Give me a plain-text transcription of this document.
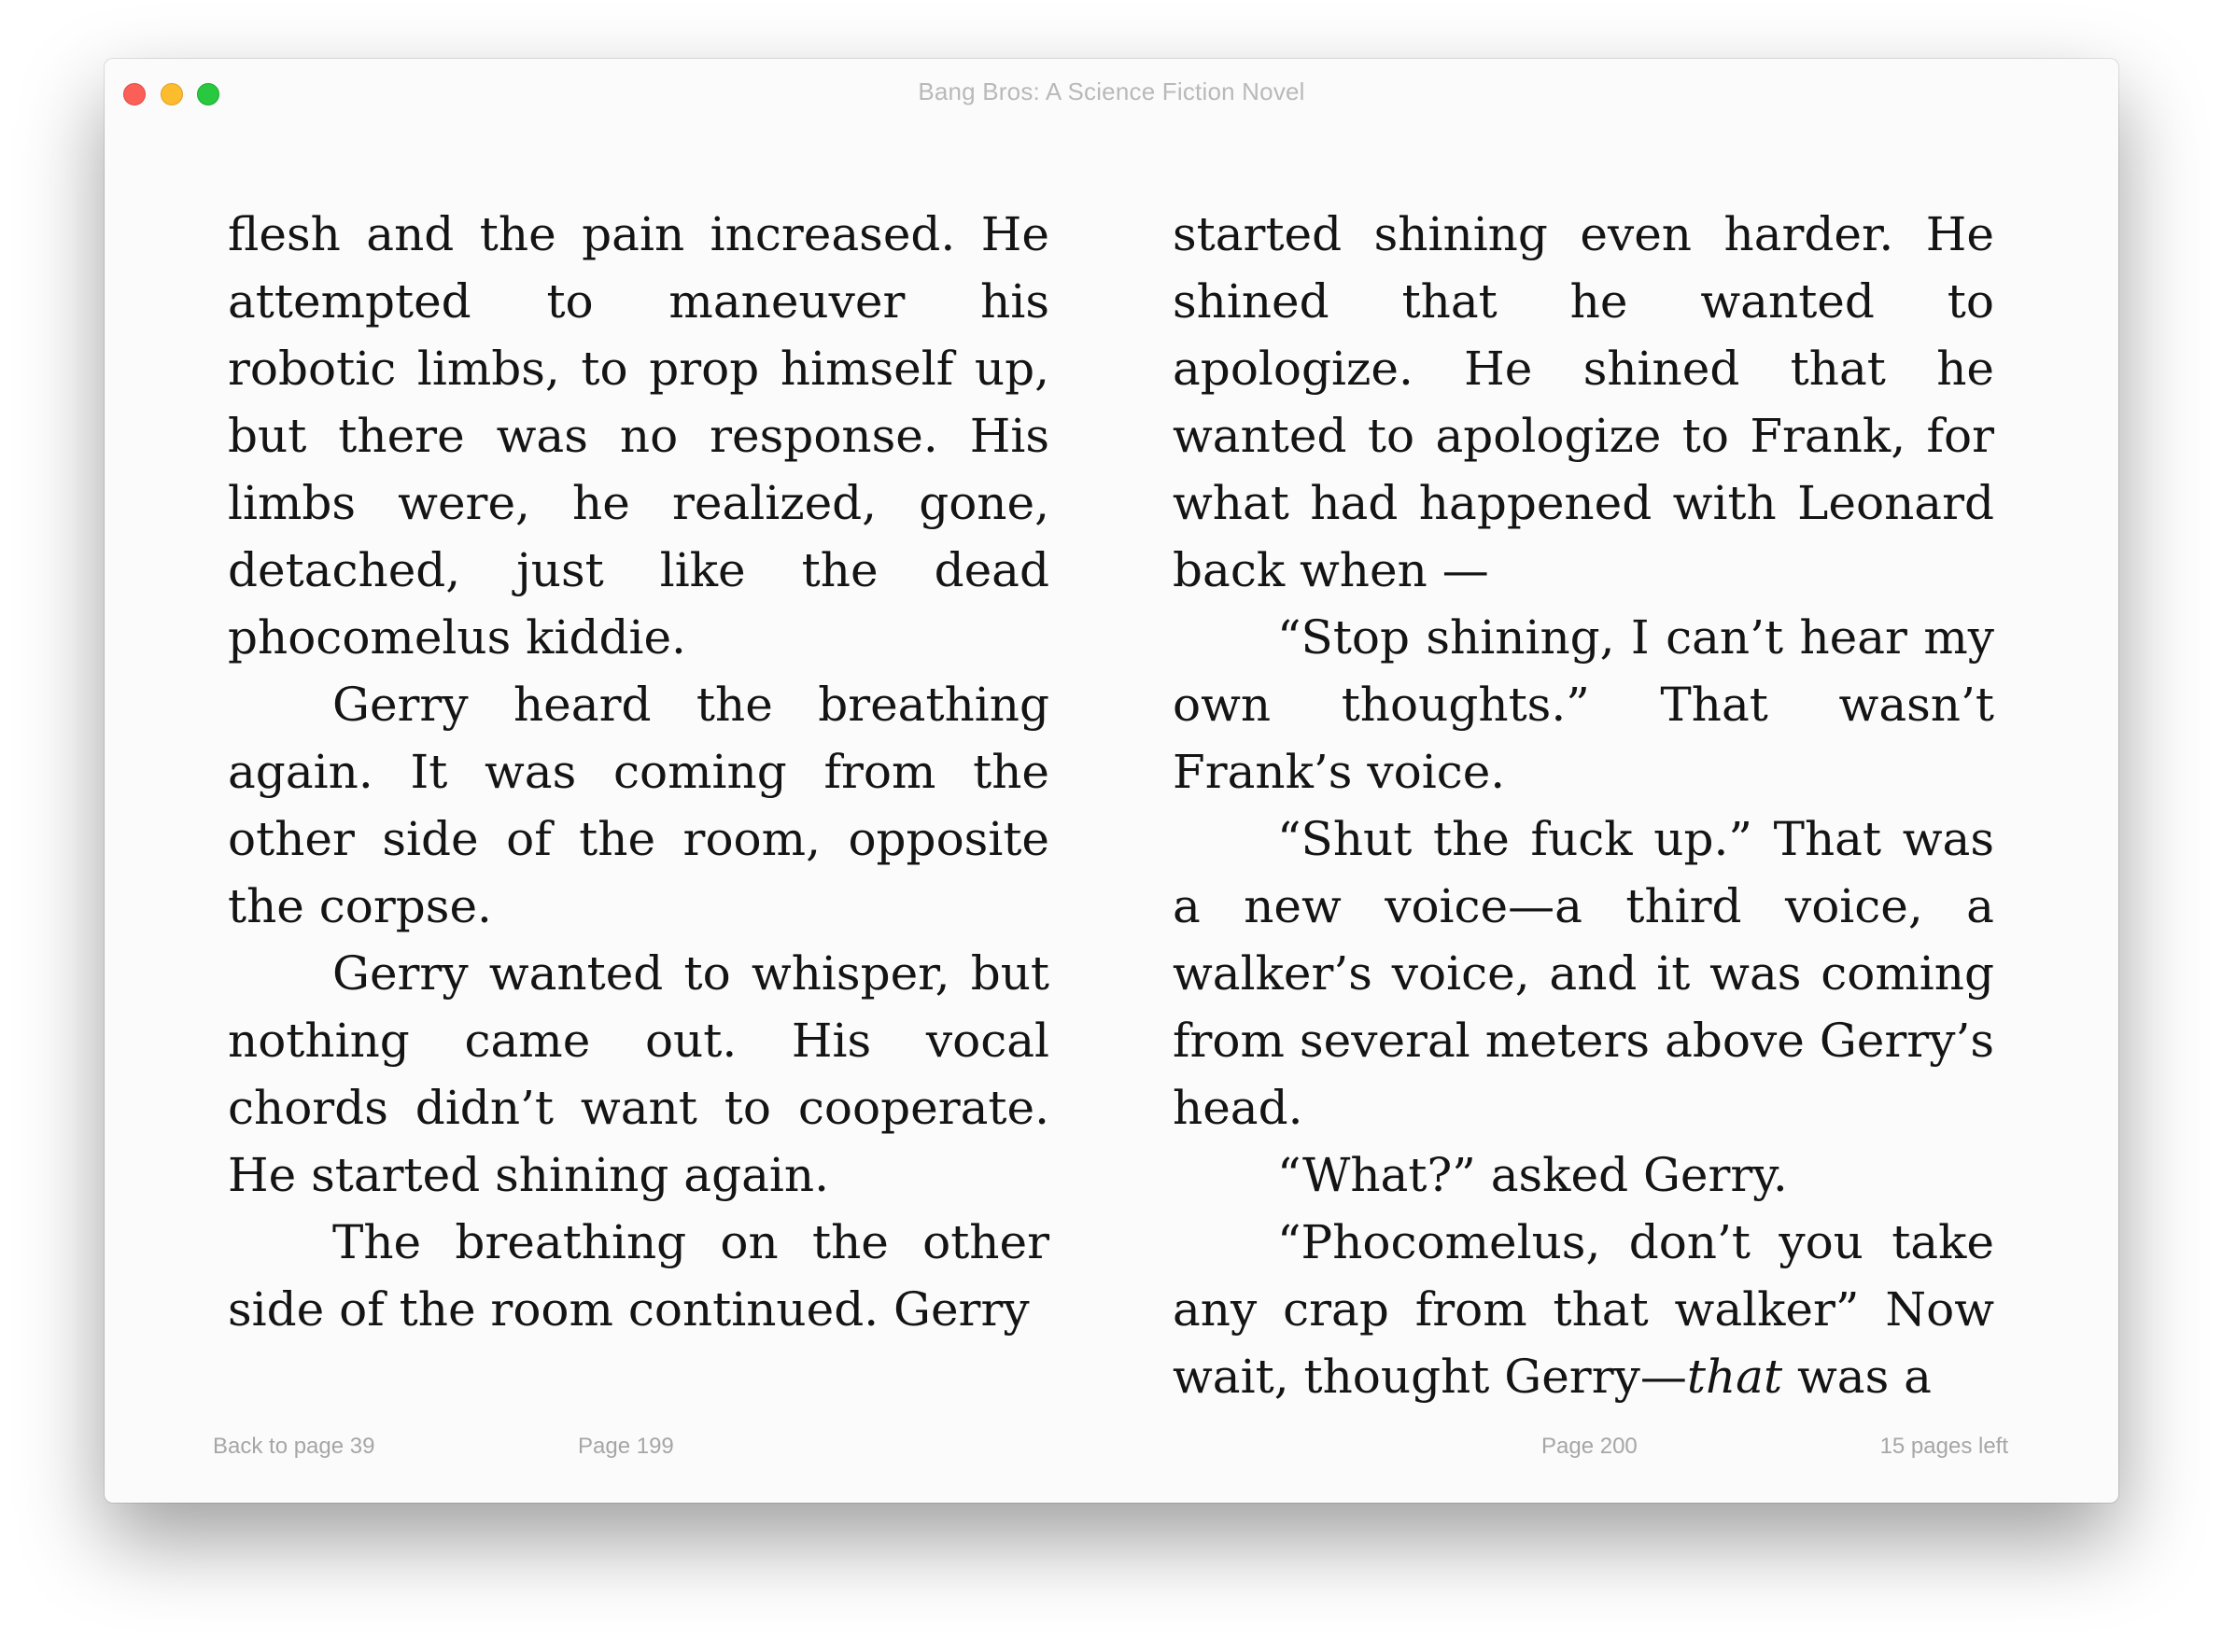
Bang Bros: A Science Fiction Novel

flesh and the pain increased. He attempted to maneuver his robotic limbs, to prop himself up, but there was no response. His limbs were, he realized, gone, detached, just like the dead phocomelus kiddie.

Gerry heard the breathing again. It was coming from the other side of the room, opposite the corpse.

Gerry wanted to whisper, but nothing came out. His vocal chords didn’t want to cooperate. He started shining again.

The breathing on the other side of the room continued. Gerry

started shining even harder. He shined that he wanted to apologize. He shined that he wanted to apologize to Frank, for what had happened with Leonard back when —

“Stop shining, I can’t hear my own thoughts.” That wasn’t Frank’s voice.

“Shut the fuck up.” That was a new voice—a third voice, a walker’s voice, and it was coming from several meters above Gerry’s head.

“What?” asked Gerry.

“Phocomelus, don’t you take any crap from that walker” Now wait, thought Gerry—that was a

Back to page 39	Page 199	Page 200	15 pages left
